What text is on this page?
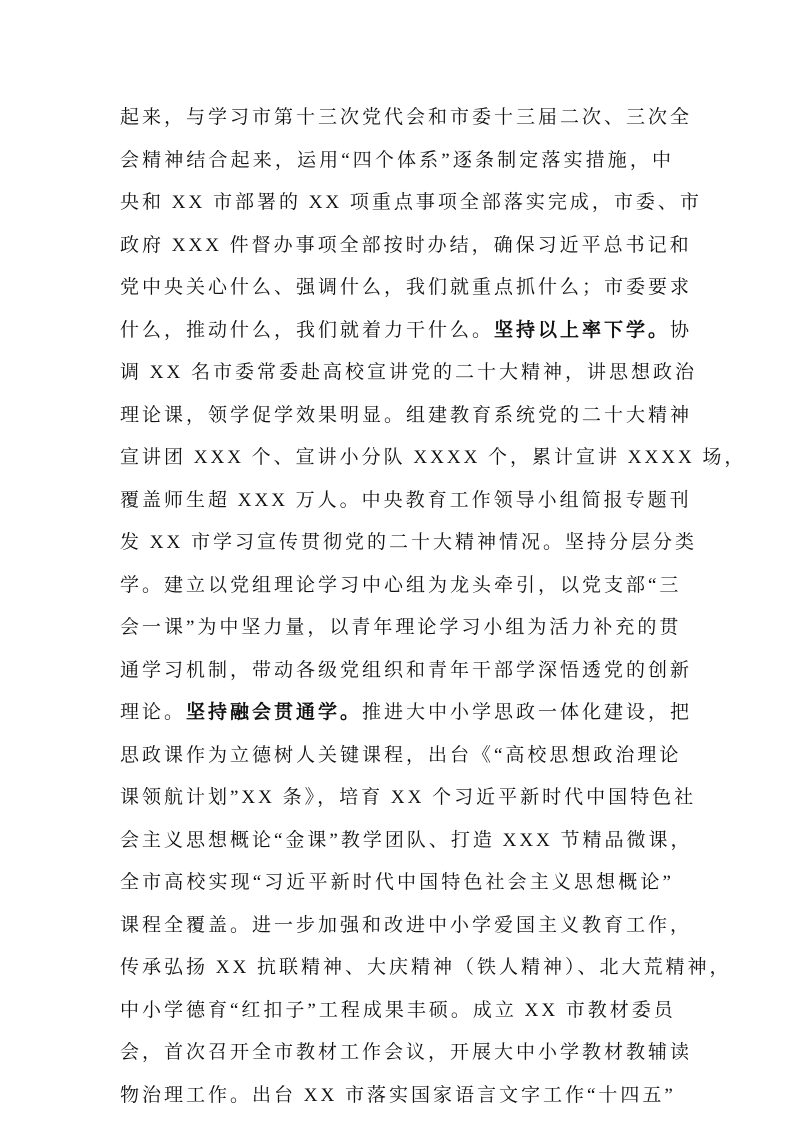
起来，与学习市第十三次党代会和市委十三届二次、三次全
会精神结合起来，运用“四个体系”逐条制定落实措施，中
央和 XX 市部署的 XX 项重点事项全部落实完成，市委、市
政府 XXX 件督办事项全部按时办结，确保习近平总书记和
党中央关心什么、强调什么，我们就重点抓什么；市委要求
什么，推动什么，我们就着力干什么。坚持以上率下学。协
调 XX 名市委常委赴高校宣讲党的二十大精神，讲思想政治
理论课，领学促学效果明显。组建教育系统党的二十大精神
宣讲团 XXX 个、宣讲小分队 XXXX 个，累计宣讲 XXXX 场，
覆盖师生超 XXX 万人。中央教育工作领导小组简报专题刊
发 XX 市学习宣传贯彻党的二十大精神情况。坚持分层分类
学。建立以党组理论学习中心组为龙头牵引，以党支部“三
会一课”为中坚力量，以青年理论学习小组为活力补充的贯
通学习机制，带动各级党组织和青年干部学深悟透党的创新
理论。坚持融会贯通学。推进大中小学思政一体化建设，把
思政课作为立德树人关键课程，出台《“高校思想政治理论
课领航计划”XX 条》，培育 XX 个习近平新时代中国特色社
会主义思想概论“金课”教学团队、打造 XXX 节精品微课，
全市高校实现“习近平新时代中国特色社会主义思想概论”
课程全覆盖。进一步加强和改进中小学爱国主义教育工作，
传承弘扬 XX 抗联精神、大庆精神（铁人精神）、北大荒精神，
中小学德育“红扣子”工程成果丰硕。成立 XX 市教材委员
会，首次召开全市教材工作会议，开展大中小学教材教辅读
物治理工作。出台 XX 市落实国家语言文字工作“十四五”
